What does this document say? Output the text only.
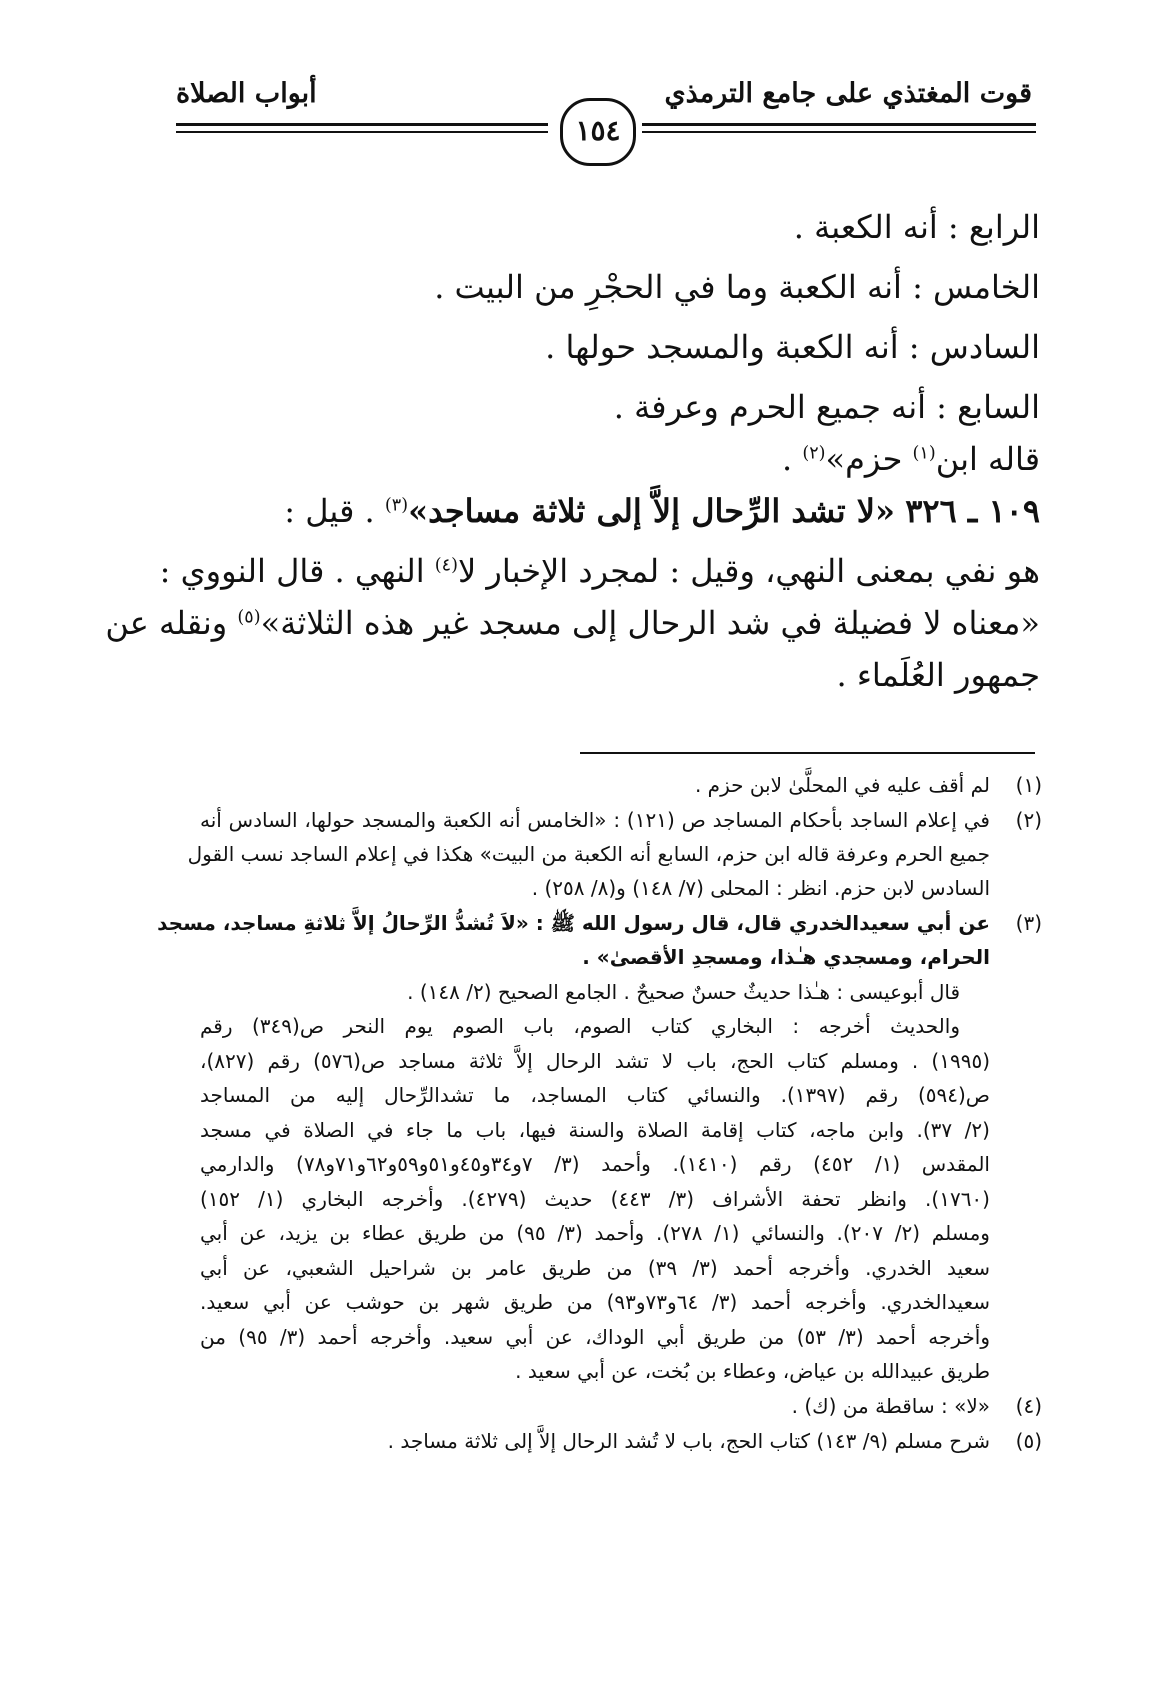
قوت المغتذي على جامع الترمذي
أبواب الصلاة
١٥٤
الرابع : أنه الكعبة .
الخامس : أنه الكعبة وما في الحجْرِ من البيت .
السادس : أنه الكعبة والمسجد حولها .
السابع : أنه جميع الحرم وعرفة .
قاله ابن$^{(١)}$ حزم»$^{(٢)}$ .
١٠٩ ـ ٣٢٦ «لا تشد الرِّحال إلاَّ إلى ثلاثة مساجد»$^{(٣)}$ . قيل :
هو نفي بمعنى النهي، وقيل : لمجرد الإخبار لا$^{(٤)}$ النهي . قال النووي :
«معناه لا فضيلة في شد الرحال إلى مسجد غير هذه الثلاثة»$^{(٥)}$ ونقله عن
جمهور العُلَماء .
(١)
لم أقف عليه في المحلَّىٰ لابن حزم .
(٢)
في إعلام الساجد بأحكام المساجد ص (١٢١) : «الخامس أنه الكعبة والمسجد حولها، السادس أنه
جميع الحرم وعرفة قاله ابن حزم، السابع أنه الكعبة من البيت» هكذا في إعلام الساجد نسب القول
السادس لابن حزم. انظر : المحلى (٧/ ١٤٨) و(٨/ ٢٥٨) .
(٣)
عن أبي سعيدالخدري قال، قال رسول الله ﷺ : «لاَ تُشدُّ الرِّحالُ إلاَّ ثلاثةِ مساجد، مسجد
الحرام، ومسجدي هـٰذا، ومسجدِ الأقصىٰ» .
قال أبوعيسى : هـٰذا حديثٌ حسنٌ صحيحٌ . الجامع الصحيح (٢/ ١٤٨) .
والحديث أخرجه : البخاري كتاب الصوم، باب الصوم يوم النحر ص(٣٤٩) رقم
(١٩٩٥) . ومسلم كتاب الحج، باب لا تشد الرحال إلاَّ ثلاثة مساجد ص(٥٧٦) رقم (٨٢٧)،
ص(٥٩٤) رقم (١٣٩٧). والنسائي كتاب المساجد، ما تشدالرِّحال إليه من المساجد
(٢/ ٣٧). وابن ماجه، كتاب إقامة الصلاة والسنة فيها، باب ما جاء في الصلاة في مسجد
المقدس (١/ ٤٥٢) رقم (١٤١٠). وأحمد (٣/ ٧و٣٤و٤٥و٥١و٥٩و٦٢و٧١و٧٨) والدارمي
(١٧٦٠). وانظر تحفة الأشراف (٣/ ٤٤٣) حديث (٤٢٧٩). وأخرجه البخاري (١/ ١٥٢)
ومسلم (٢/ ٢٠٧). والنسائي (١/ ٢٧٨). وأحمد (٣/ ٩٥) من طريق عطاء بن يزيد، عن أبي
سعيد الخدري. وأخرجه أحمد (٣/ ٣٩) من طريق عامر بن شراحيل الشعبي، عن أبي
سعيدالخدري. وأخرجه أحمد (٣/ ٦٤و٧٣و٩٣) من طريق شهر بن حوشب عن أبي سعيد.
وأخرجه أحمد (٣/ ٥٣) من طريق أبي الوداك، عن أبي سعيد. وأخرجه أحمد (٣/ ٩٥) من
طريق عبيدالله بن عياض، وعطاء بن بُخت، عن أبي سعيد .
(٤)
«لا» : ساقطة من (ك) .
(٥)
شرح مسلم (٩/ ١٤٣) كتاب الحج، باب لا تُشد الرحال إلاَّ إلى ثلاثة مساجد .
